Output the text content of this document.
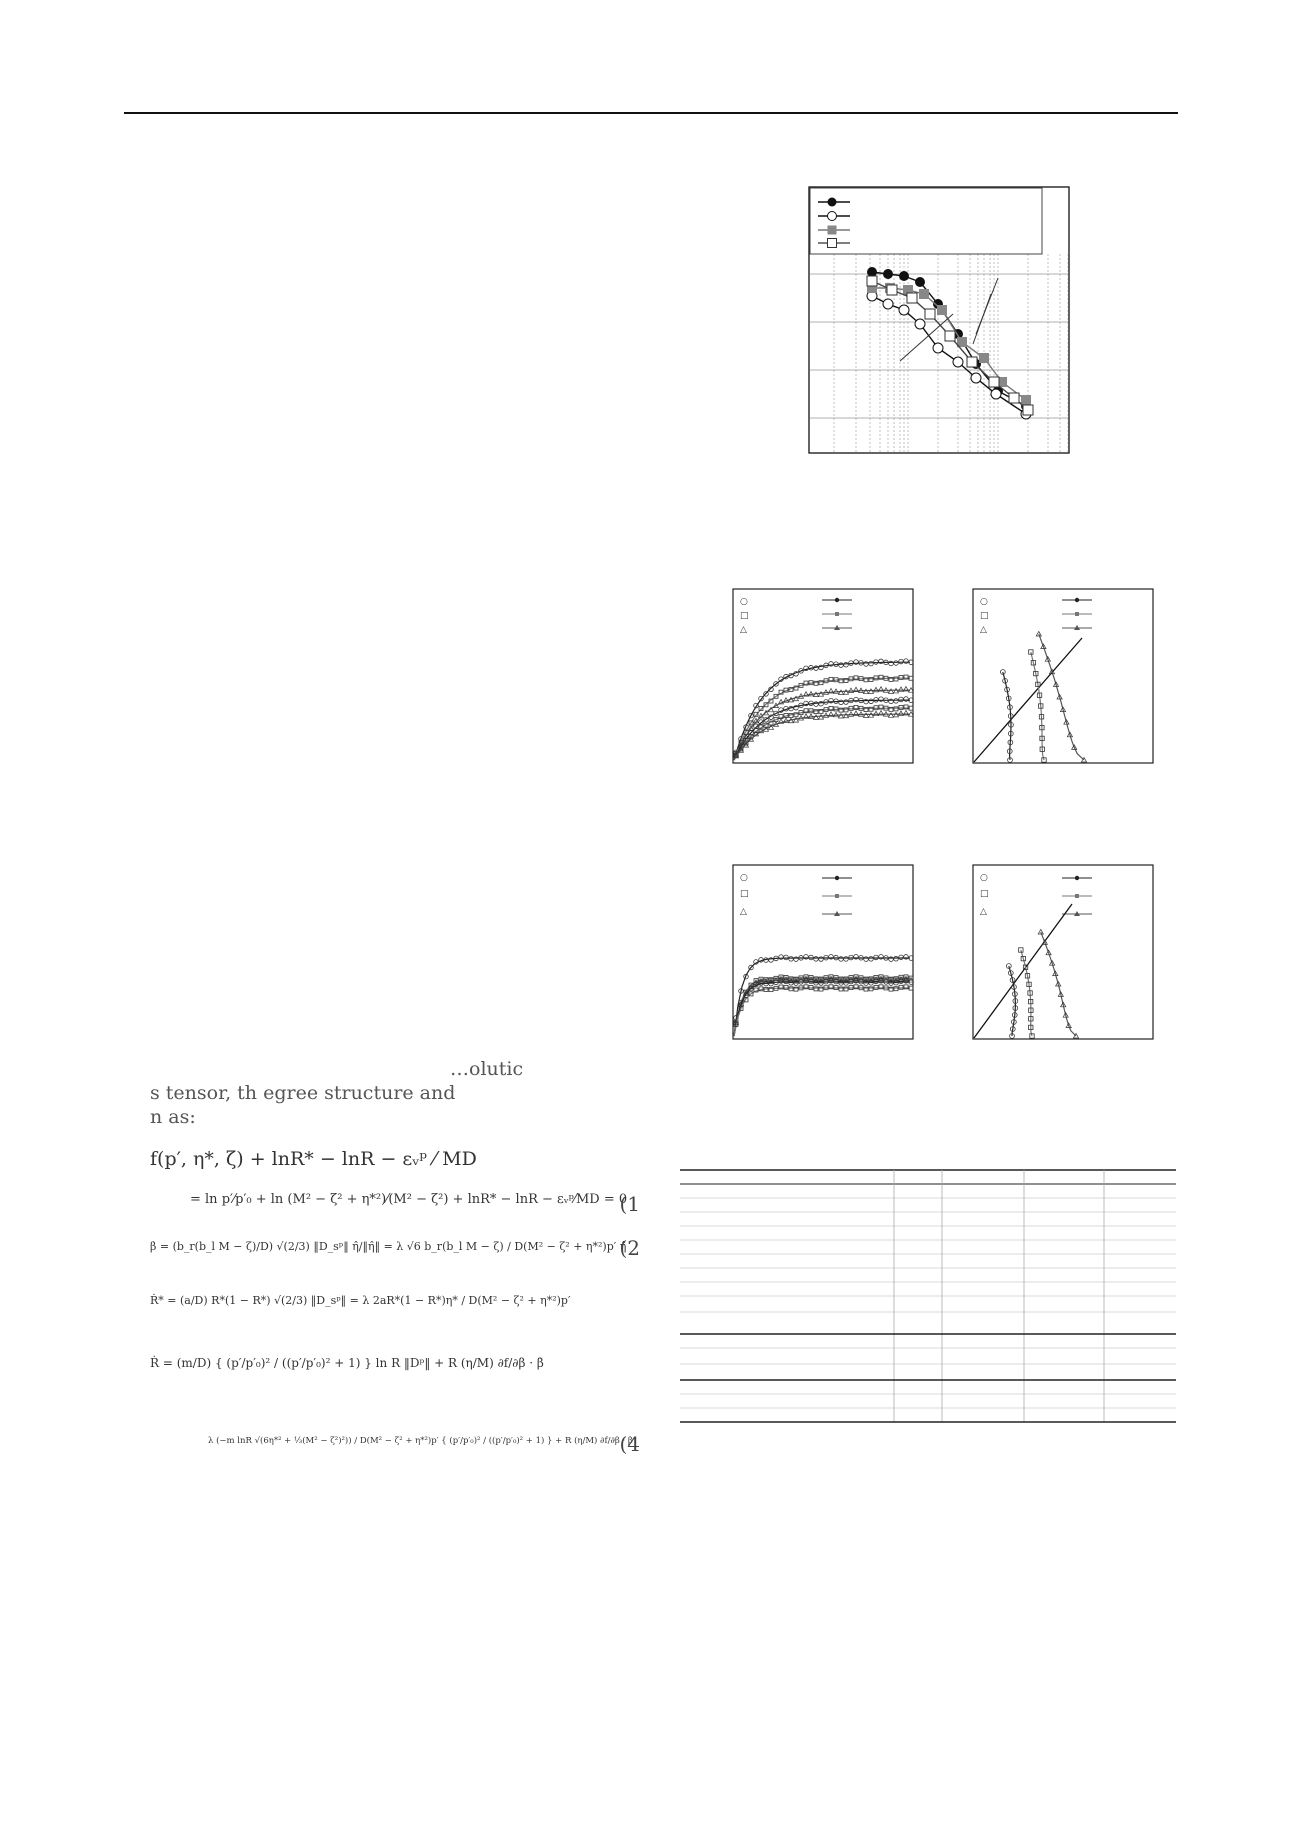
○
□
△
○
□
△
○
□
△
○
□
△
…olutic
s tensor, th egree structure and
n as:
f(p′, η*, ζ) + lnR* − lnR − εᵥᵖ ⁄ MD
= ln p′⁄p′₀ + ln (M² − ζ² + η*²)⁄(M² − ζ²) + lnR* − lnR − εᵥᵖ⁄MD = 0
(1
β̇ = (b_r(b_l M − ζ)/D) √(2/3) ‖D_sᵖ‖ η̂/‖η̂‖ = λ √6 b_r(b_l M − ζ) / D(M² − ζ² + η*²)p′ η̂
(2
Ṙ* = (a/D) R*(1 − R*) √(2/3) ‖D_sᵖ‖ = λ 2aR*(1 − R*)η* / D(M² − ζ² + η*²)p′
Ṙ = (m/D) { (p′/p′₀)² / ((p′/p′₀)² + 1) } ln R ‖Dᵖ‖ + R (η/M) ∂f/∂β · β̇
λ (−m lnR √(6η*² + ⅓(M² − ζ²)²)) / D(M² − ζ² + η*²)p′ { (p′/p′₀)² / ((p′/p′₀)² + 1) } + R (η/M) ∂f/∂β · β̇
(4
